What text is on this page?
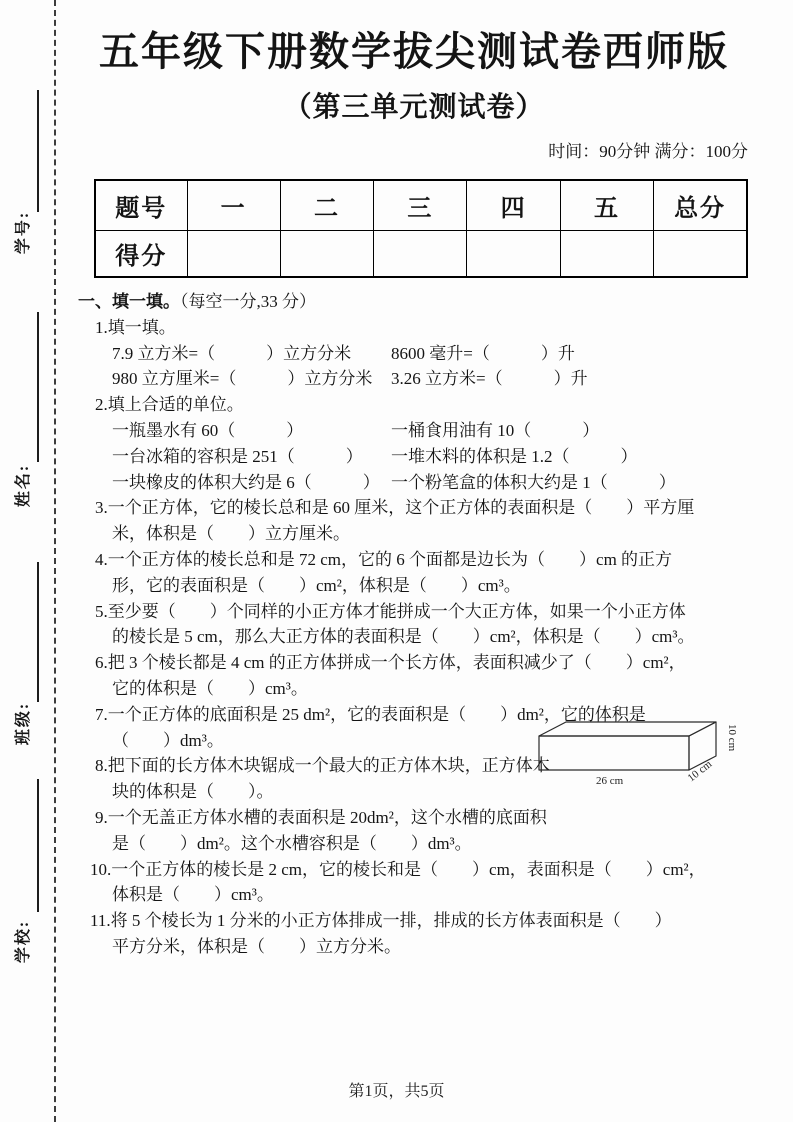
学号:
姓名:
班级:
学校:
五年级下册数学拔尖测试卷西师版
（第三单元测试卷）
时间：90分钟 满分：100分
题号	一	二	三	四	五	总分
得分						
一、填一填。（每空一分,33 分）
1.填一填。
7.9 立方米=（　　　）立方分米	8600 毫升=（　　　）升
980 立方厘米=（　　　）立方分米	3.26 立方米=（　　　）升
2.填上合适的单位。
一瓶墨水有 60（　　　）	一桶食用油有 10（　　　）
一台冰箱的容积是 251（　　　）	一堆木料的体积是 1.2（　　　）
一块橡皮的体积大约是 6（　　　） 一个粉笔盒的体积大约是 1（　　　）
3.一个正方体，它的棱长总和是 60 厘米，这个正方体的表面积是（　　）平方厘
米，体积是（　　）立方厘米。
4.一个正方体的棱长总和是 72 cm，它的 6 个面都是边长为（　　）cm 的正方
形，它的表面积是（　　）cm²，体积是（　　）cm³。
5.至少要（　　）个同样的小正方体才能拼成一个大正方体，如果一个小正方体
的棱长是 5 cm，那么大正方体的表面积是（　　）cm²，体积是（　　）cm³。
6.把 3 个棱长都是 4 cm 的正方体拼成一个长方体，表面积减少了（　　）cm²，
它的体积是（　　）cm³。
7.一个正方体的底面积是 25 dm²，它的表面积是（　　）dm²，它的体积是
（　　）dm³。
8.把下面的长方体木块锯成一个最大的正方体木块，正方体木
块的体积是（　　）。
9.一个无盖正方体水槽的表面积是 20dm²，这个水槽的底面积
是（　　）dm²。这个水槽容积是（　　）dm³。
10.一个正方体的棱长是 2 cm，它的棱长和是（　　）cm，表面积是（　　）cm²，
体积是（　　）cm³。
11.将 5 个棱长为 1 分米的小正方体排成一排，排成的长方体表面积是（　　）
平方分米，体积是（　　）立方分米。
26 cm
10 cm
10 cm
第1页，共5页
